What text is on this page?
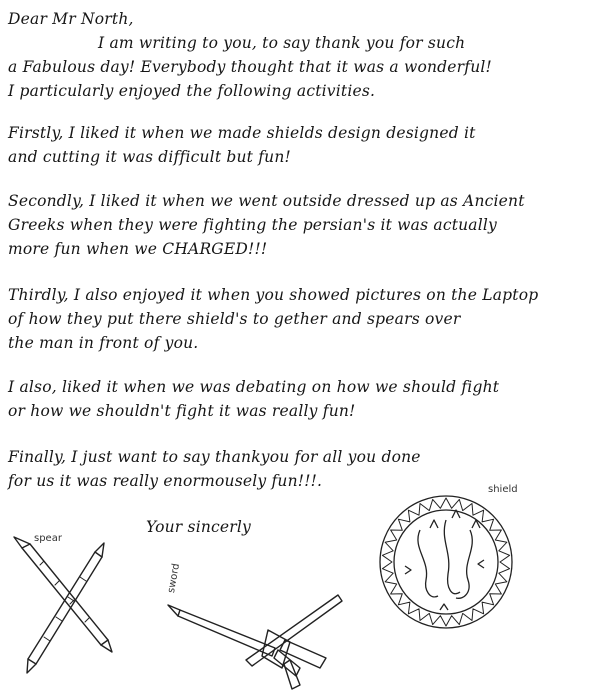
Dear Mr North,
I am writing to you, to say thank you for such
a Fabulous day! Everybody thought that it was a wonderful!
I particularly enjoyed the following activities.
Firstly, I liked it when we made shields design designed it
and cutting it was difficult but fun!
Secondly, I liked it when we went outside dressed up as Ancient
Greeks when they were fighting the persian's it was actually
more fun when we CHARGED!!!
Thirdly, I also enjoyed it when you showed pictures on the Laptop
of how they put there shield's to gether and spears over
the man in front of you.
I also, liked it when we was debating on how we should fight
or how we shouldn't fight it was really fun!
Finally, I just want to say thankyou for all you done
for us it was really enormousely fun!!!.
Your sincerly
spear
sword
shield
